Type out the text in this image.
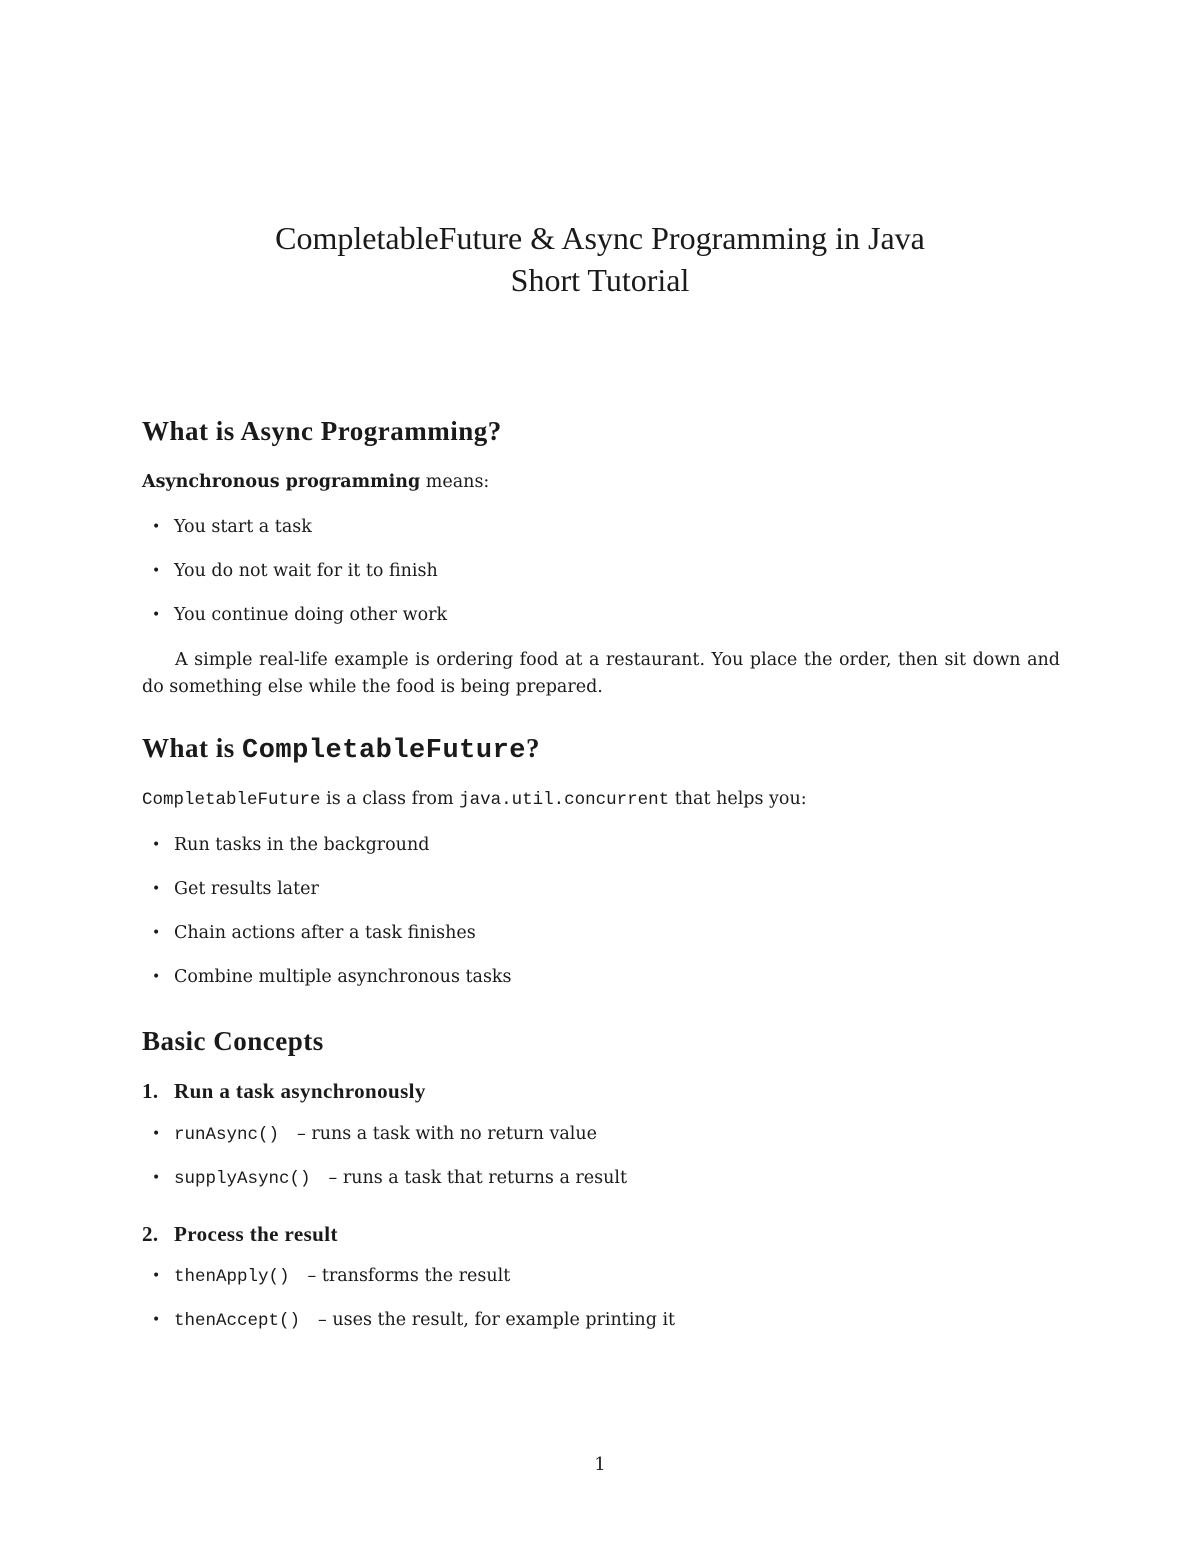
CompletableFuture & Async Programming in Java
Short Tutorial
What is Async Programming?
Asynchronous programming means:
• You start a task
• You do not wait for it to finish
• You continue doing other work
A simple real-life example is ordering food at a restaurant. You place the order, then sit down and do something else while the food is being prepared.
What is CompletableFuture?
CompletableFuture is a class from java.util.concurrent that helps you:
• Run tasks in the background
• Get results later
• Chain actions after a task finishes
• Combine multiple asynchronous tasks
Basic Concepts
1. Run a task asynchronously
• runAsync() – runs a task with no return value
• supplyAsync() – runs a task that returns a result
2. Process the result
• thenApply() – transforms the result
• thenAccept() – uses the result, for example printing it
1
